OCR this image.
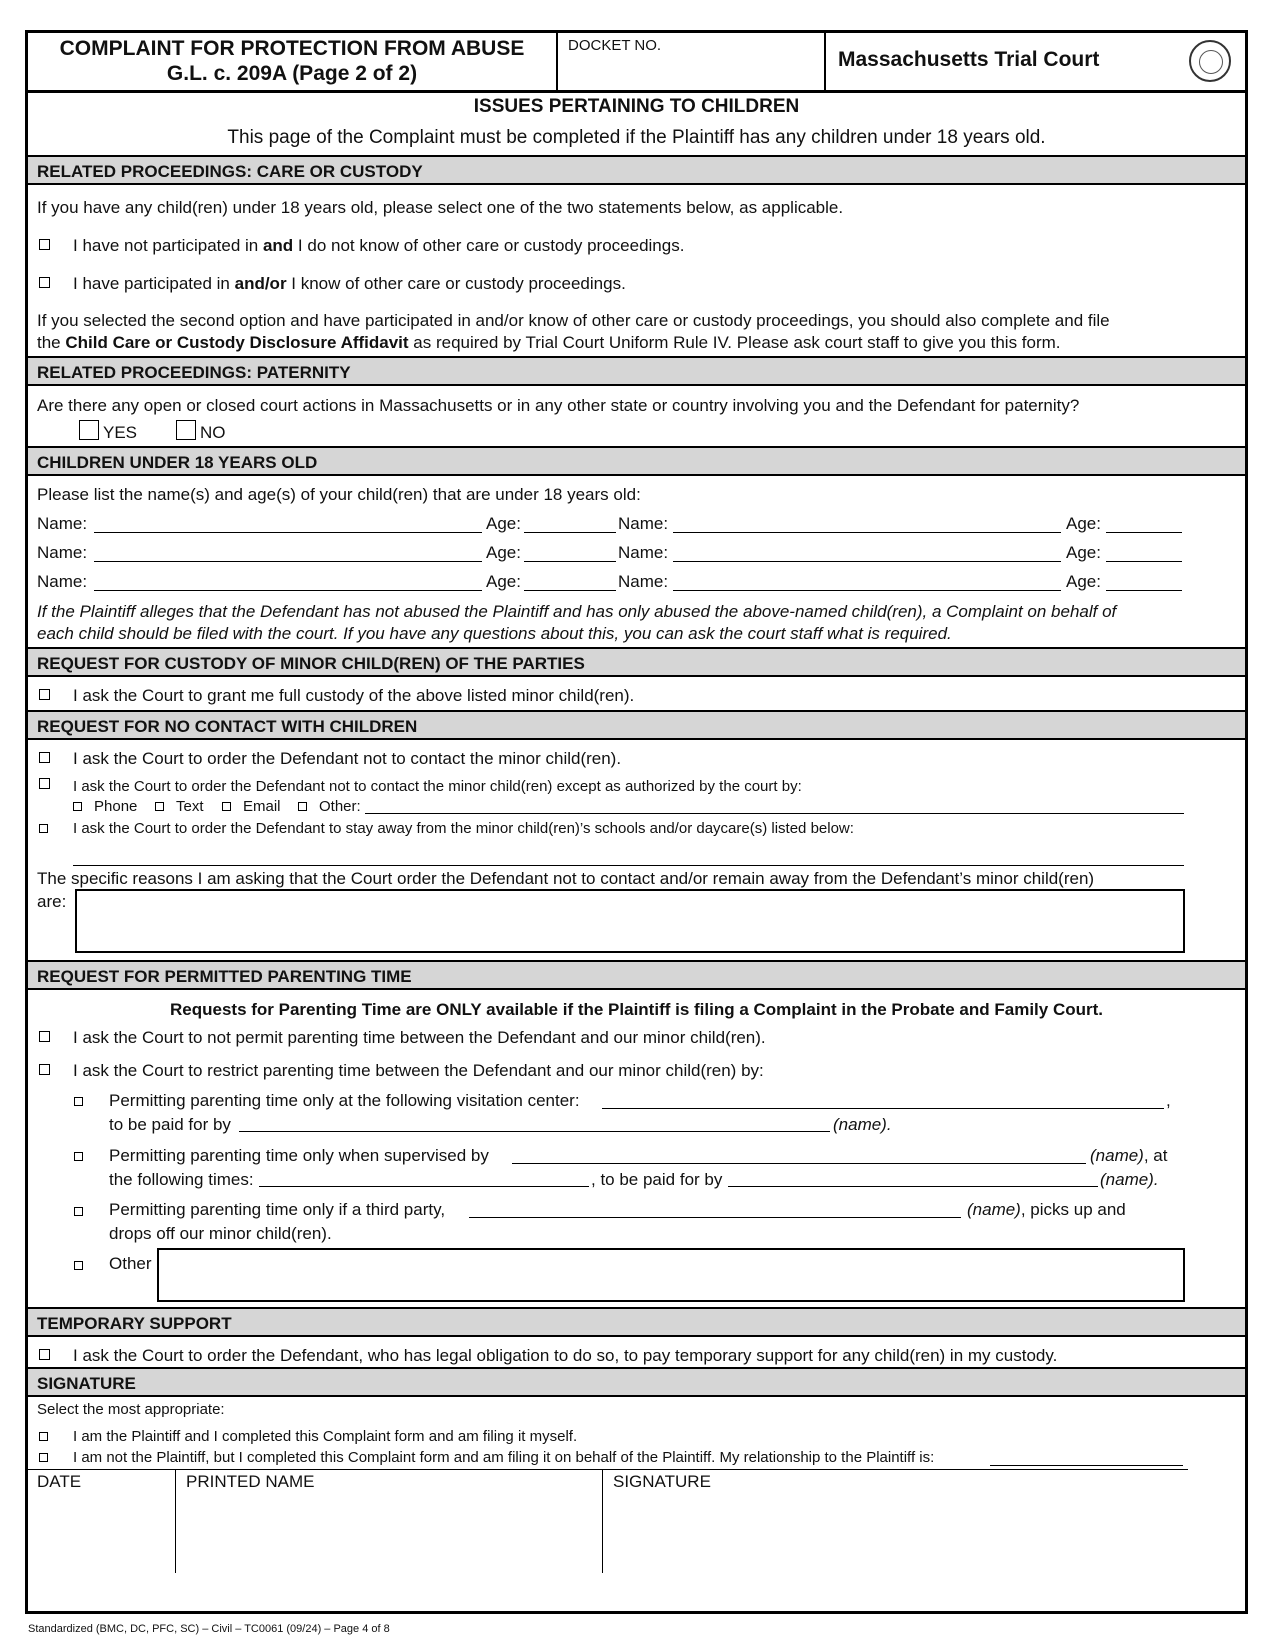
COMPLAINT FOR PROTECTION FROM ABUSE
G.L. c. 209A (Page 2 of 2)
DOCKET NO.
Massachusetts Trial Court
ISSUES PERTAINING TO CHILDREN
This page of the Complaint must be completed if the Plaintiff has any children under 18 years old.
RELATED PROCEEDINGS: CARE OR CUSTODY
If you have any child(ren) under 18 years old, please select one of the two statements below, as applicable.
I have not participated in and I do not know of other care or custody proceedings.
I have participated in and/or I know of other care or custody proceedings.
If you selected the second option and have participated in and/or know of other care or custody proceedings, you should also complete and file
the Child Care or Custody Disclosure Affidavit as required by Trial Court Uniform Rule IV. Please ask court staff to give you this form.
RELATED PROCEEDINGS: PATERNITY
Are there any open or closed court actions in Massachusetts or in any other state or country involving you and the Defendant for paternity?
YES	NO
CHILDREN UNDER 18 YEARS OLD
Please list the name(s) and age(s) of your child(ren) that are under 18 years old:
Name:	Age:	Name:	Age:
Name:	Age:	Name:	Age:
Name:	Age:	Name:	Age:
If the Plaintiff alleges that the Defendant has not abused the Plaintiff and has only abused the above-named child(ren), a Complaint on behalf of
each child should be filed with the court. If you have any questions about this, you can ask the court staff what is required.
REQUEST FOR CUSTODY OF MINOR CHILD(REN) OF THE PARTIES
I ask the Court to grant me full custody of the above listed minor child(ren).
REQUEST FOR NO CONTACT WITH CHILDREN
I ask the Court to order the Defendant not to contact the minor child(ren).
I ask the Court to order the Defendant not to contact the minor child(ren) except as authorized by the court by:
Phone	Text	Email	Other:
I ask the Court to order the Defendant to stay away from the minor child(ren)’s schools and/or daycare(s) listed below:
The specific reasons I am asking that the Court order the Defendant not to contact and/or remain away from the Defendant’s minor child(ren)
are:
REQUEST FOR PERMITTED PARENTING TIME
Requests for Parenting Time are ONLY available if the Plaintiff is filing a Complaint in the Probate and Family Court.
I ask the Court to not permit parenting time between the Defendant and our minor child(ren).
I ask the Court to restrict parenting time between the Defendant and our minor child(ren) by:
Permitting parenting time only at the following visitation center:	,
to be paid for by	(name).
Permitting parenting time only when supervised by	(name), at
the following times:	, to be paid for by	(name).
Permitting parenting time only if a third party,	(name), picks up and
drops off our minor child(ren).
Other
TEMPORARY SUPPORT
I ask the Court to order the Defendant, who has legal obligation to do so, to pay temporary support for any child(ren) in my custody.
SIGNATURE
Select the most appropriate:
I am the Plaintiff and I completed this Complaint form and am filing it myself.
I am not the Plaintiff, but I completed this Complaint form and am filing it on behalf of the Plaintiff. My relationship to the Plaintiff is:
DATE	PRINTED NAME	SIGNATURE
Standardized (BMC, DC, PFC, SC) – Civil – TC0061 (09/24) – Page 4 of 8
